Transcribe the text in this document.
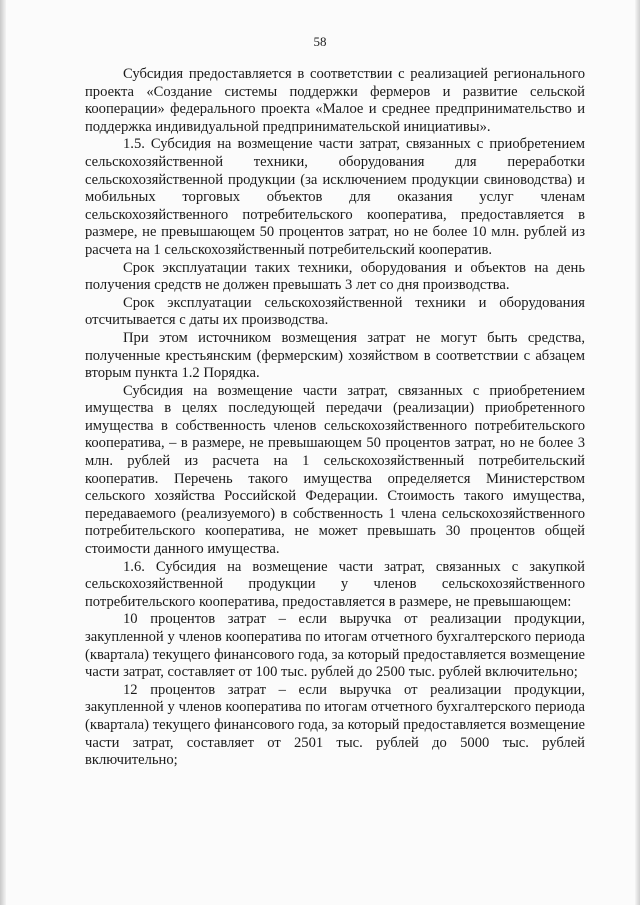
58

Субсидия предоставляется в соответствии с реализацией регионального проекта «Создание системы поддержки фермеров и развитие сельской кооперации» федерального проекта «Малое и среднее предпринимательство и поддержка индивидуальной предпринимательской инициативы».

1.5. Субсидия на возмещение части затрат, связанных с приобретением сельскохозяйственной техники, оборудования для переработки сельскохозяйственной продукции (за исключением продукции свиноводства) и мобильных торговых объектов для оказания услуг членам сельскохозяйственного потребительского кооператива, предоставляется в размере, не превышающем 50 процентов затрат, но не более 10 млн. рублей из расчета на 1 сельскохозяйственный потребительский кооператив.

Срок эксплуатации таких техники, оборудования и объектов на день получения средств не должен превышать 3 лет со дня производства.

Срок эксплуатации сельскохозяйственной техники и оборудования отсчитывается с даты их производства.

При этом источником возмещения затрат не могут быть средства, полученные крестьянским (фермерским) хозяйством в соответствии с абзацем вторым пункта 1.2 Порядка.

Субсидия на возмещение части затрат, связанных с приобретением имущества в целях последующей передачи (реализации) приобретенного имущества в собственность членов сельскохозяйственного потребительского кооператива, – в размере, не превышающем 50 процентов затрат, но не более 3 млн. рублей из расчета на 1 сельскохозяйственный потребительский кооператив. Перечень такого имущества определяется Министерством сельского хозяйства Российской Федерации. Стоимость такого имущества, передаваемого (реализуемого) в собственность 1 члена сельскохозяйственного потребительского кооператива, не может превышать 30 процентов общей стоимости данного имущества.

1.6. Субсидия на возмещение части затрат, связанных с закупкой сельскохозяйственной продукции у членов сельскохозяйственного потребительского кооператива, предоставляется в размере, не превышающем:

10 процентов затрат – если выручка от реализации продукции, закупленной у членов кооператива по итогам отчетного бухгалтерского периода (квартала) текущего финансового года, за который предоставляется возмещение части затрат, составляет от 100 тыс. рублей до 2500 тыс. рублей включительно;

12 процентов затрат – если выручка от реализации продукции, закупленной у членов кооператива по итогам отчетного бухгалтерского периода (квартала) текущего финансового года, за который предоставляется возмещение части затрат, составляет от 2501 тыс. рублей до 5000 тыс. рублей включительно;
